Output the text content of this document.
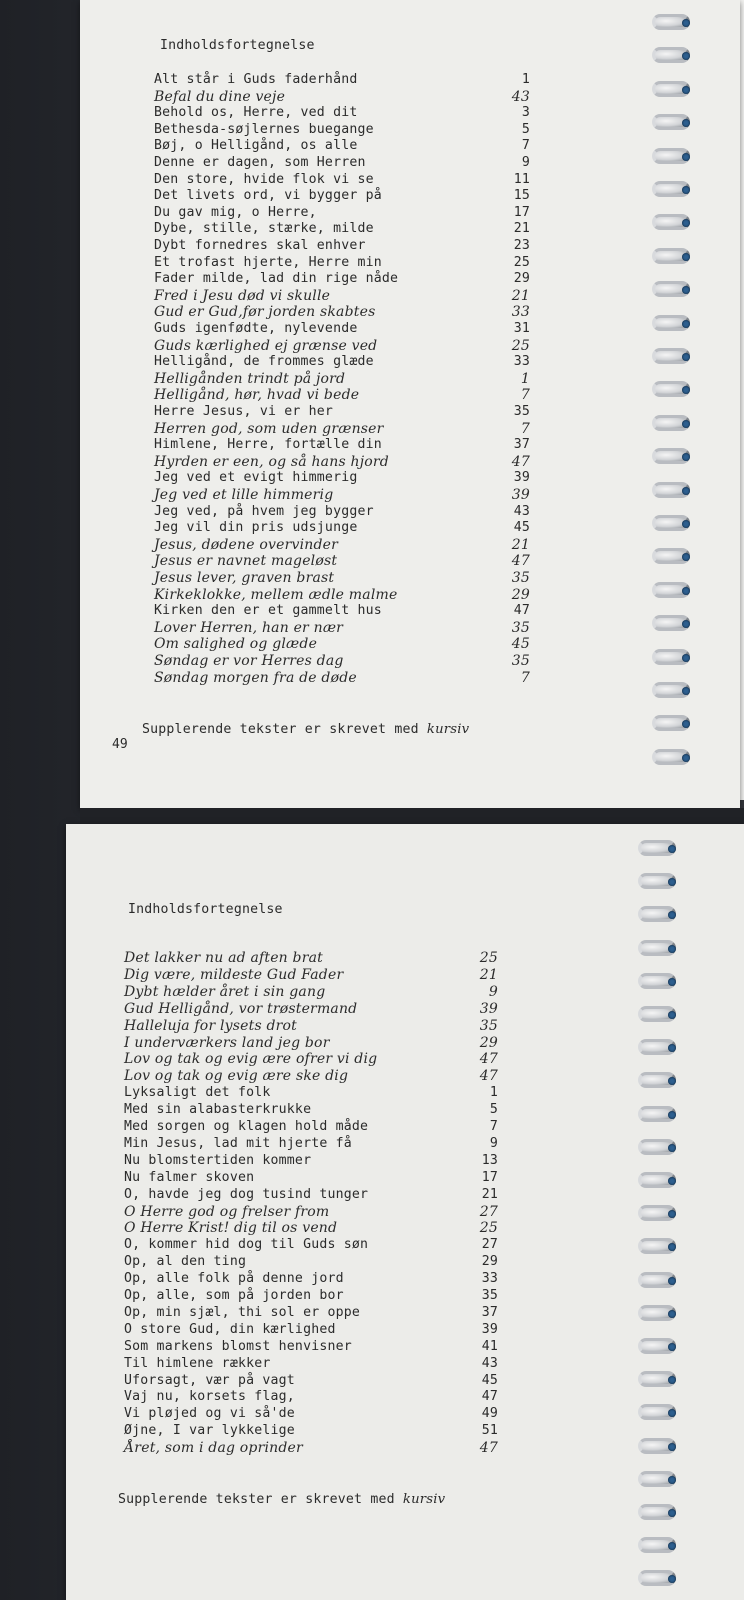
Indholdsfortegnelse
Alt står i Guds faderhånd	1
Befal du dine veje	43
Behold os, Herre, ved dit	3
Bethesda-søjlernes buegange	5
Bøj, o Helligånd, os alle	7
Denne er dagen, som Herren	9
Den store, hvide flok vi se	11
Det livets ord, vi bygger på	15
Du gav mig, o Herre,	17
Dybe, stille, stærke, milde	21
Dybt fornedres skal enhver	23
Et trofast hjerte, Herre min	25
Fader milde, lad din rige nåde	29
Fred i Jesu død vi skulle	21
Gud er Gud,før jorden skabtes	33
Guds igenfødte, nylevende	31
Guds kærlighed ej grænse ved	25
Helligånd, de frommes glæde	33
Helligånden trindt på jord	1
Helligånd, hør, hvad vi bede	7
Herre Jesus, vi er her	35
Herren god, som uden grænser	7
Himlene, Herre, fortælle din	37
Hyrden er een, og så hans hjord	47
Jeg ved et evigt himmerig	39
Jeg ved et lille himmerig	39
Jeg ved, på hvem jeg bygger	43
Jeg vil din pris udsjunge	45
Jesus, dødene overvinder	21
Jesus er navnet mageløst	47
Jesus lever, graven brast	35
Kirkeklokke, mellem ædle malme	29
Kirken den er et gammelt hus	47
Lover Herren, han er nær	35
Om salighed og glæde	45
Søndag er vor Herres dag	35
Søndag morgen fra de døde	7
Supplerende tekster er skrevet med kursiv
49
Indholdsfortegnelse
Det lakker nu ad aften brat	25
Dig være, mildeste Gud Fader	21
Dybt hælder året i sin gang	9
Gud Helligånd, vor trøstermand	39
Halleluja for lysets drot	35
I underværkers land jeg bor	29
Lov og tak og evig ære ofrer vi dig	47
Lov og tak og evig ære ske dig	47
Lyksaligt det folk	1
Med sin alabasterkrukke	5
Med sorgen og klagen hold måde	7
Min Jesus, lad mit hjerte få	9
Nu blomstertiden kommer	13
Nu falmer skoven	17
O, havde jeg dog tusind tunger	21
O Herre god og frelser from	27
O Herre Krist! dig til os vend	25
O, kommer hid dog til Guds søn	27
Op, al den ting	29
Op, alle folk på denne jord	33
Op, alle, som på jorden bor	35
Op, min sjæl, thi sol er oppe	37
O store Gud, din kærlighed	39
Som markens blomst henvisner	41
Til himlene rækker	43
Uforsagt, vær på vagt	45
Vaj nu, korsets flag,	47
Vi pløjed og vi så'de	49
Øjne, I var lykkelige	51
Året, som i dag oprinder	47
Supplerende tekster er skrevet med kursiv
